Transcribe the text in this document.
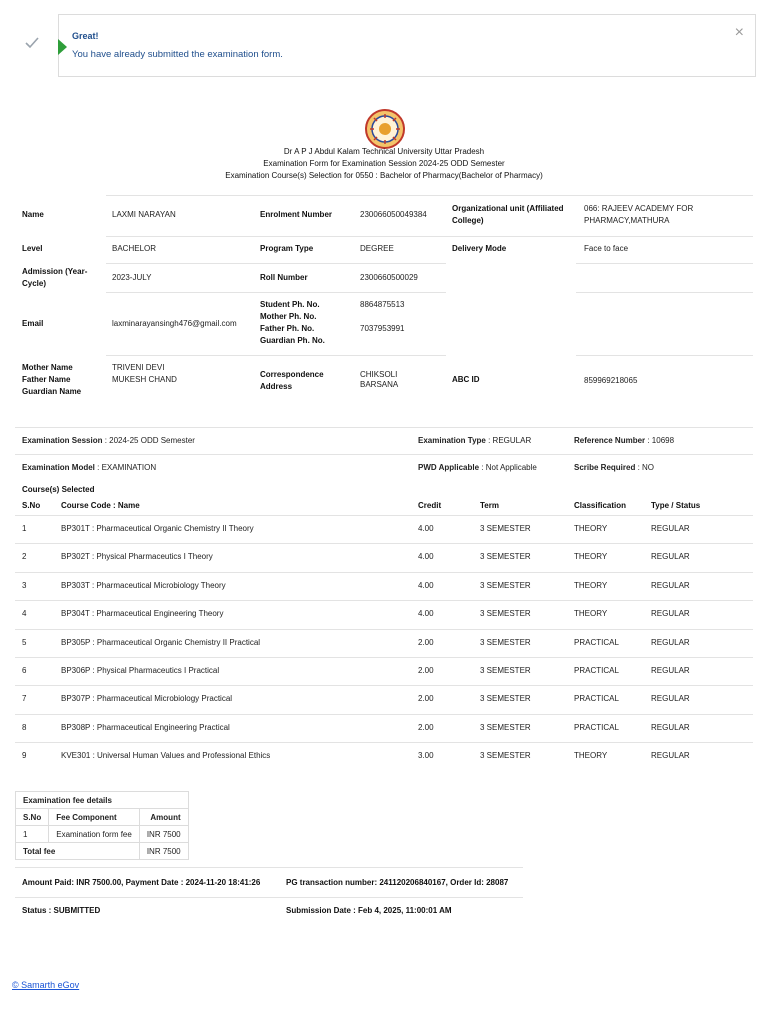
Great!
You have already submitted the examination form.
×
Dr A P J Abdul Kalam Technical University Uttar Pradesh
Examination Form for Examination Session 2024-25 ODD Semester
Examination Course(s) Selection for 0550 : Bachelor of Pharmacy(Bachelor of Pharmacy)
Name	LAXMI NARAYAN	Enrolment Number	230066050049384
Organizational unit (Affiliated College)
066: RAJEEV ACADEMY FOR PHARMACY,MATHURA
Level	BACHELOR	Program Type	DEGREE	Delivery Mode	Face to face
Admission (Year-Cycle)
2023-JULY	Roll Number	2300660500029
Email	laxminarayansingh476@gmail.com
Student Ph. No.	8864875513
Mother Ph. No.
Father Ph. No.	7037953991
Guardian Ph. No.
Mother Name	TRIVENI DEVI
Father Name	MUKESH CHAND
Guardian Name
Correspondence Address
CHIKSOLI
BARSANA
ABC ID	859969218065
Examination Session : 2024-25 ODD Semester	Examination Type : REGULAR	Reference Number : 10698
Examination Model : EXAMINATION	PWD Applicable : Not Applicable	Scribe Required : NO
Course(s) Selected
S.No	Course Code : Name	Credit	Term	Classification	Type / Status
1	BP301T : Pharmaceutical Organic Chemistry II Theory	4.00	3 SEMESTER	THEORY	REGULAR
2	BP302T : Physical Pharmaceutics I Theory	4.00	3 SEMESTER	THEORY	REGULAR
3	BP303T : Pharmaceutical Microbiology Theory	4.00	3 SEMESTER	THEORY	REGULAR
4	BP304T : Pharmaceutical Engineering Theory	4.00	3 SEMESTER	THEORY	REGULAR
5	BP305P : Pharmaceutical Organic Chemistry II Practical	2.00	3 SEMESTER	PRACTICAL	REGULAR
6	BP306P : Physical Pharmaceutics I Practical	2.00	3 SEMESTER	PRACTICAL	REGULAR
7	BP307P : Pharmaceutical Microbiology Practical	2.00	3 SEMESTER	PRACTICAL	REGULAR
8	BP308P : Pharmaceutical Engineering Practical	2.00	3 SEMESTER	PRACTICAL	REGULAR
9	KVE301 : Universal Human Values and Professional Ethics	3.00	3 SEMESTER	THEORY	REGULAR
Examination fee details		
S.No	Fee Component	Amount
1	Examination form fee	INR 7500
Total fee		INR 7500
Amount Paid: INR 7500.00, Payment Date : 2024-11-20 18:41:26	PG transaction number: 241120206840167, Order Id: 28087
Status : SUBMITTED	Submission Date : Feb 4, 2025, 11:00:01 AM
© Samarth eGov
